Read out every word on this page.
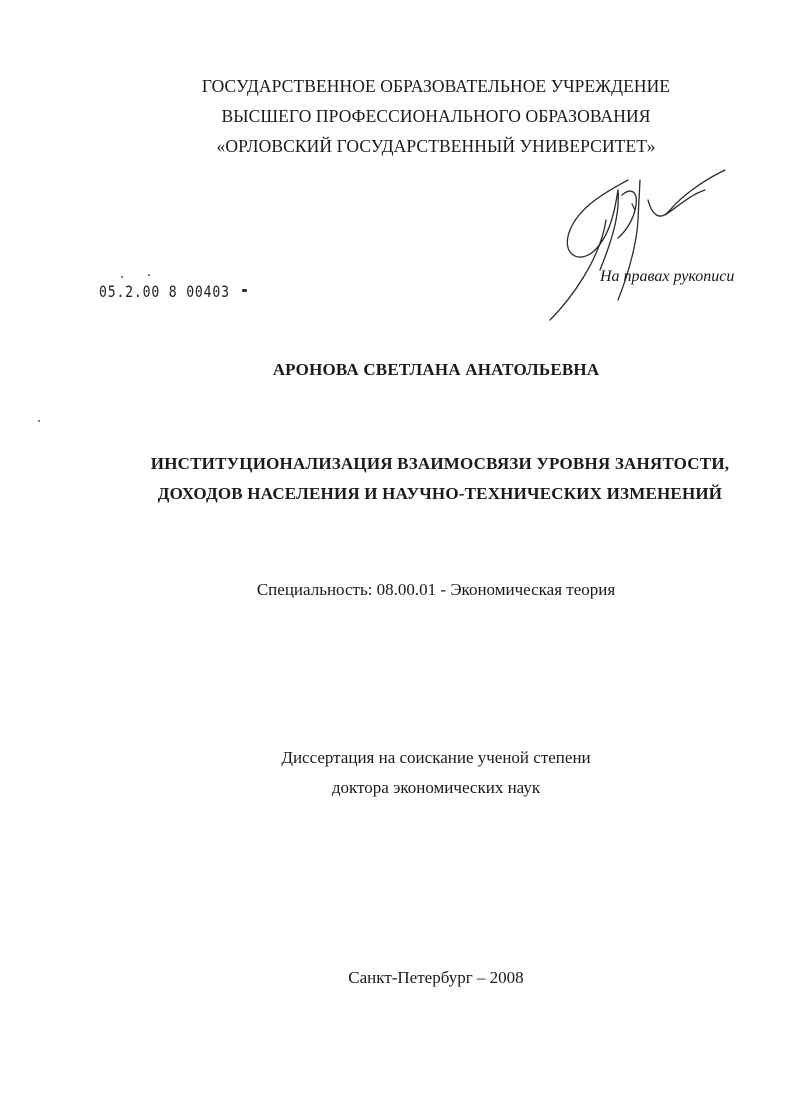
ГОСУДАРСТВЕННОЕ ОБРАЗОВАТЕЛЬНОЕ УЧРЕЖДЕНИЕ
ВЫСШЕГО ПРОФЕССИОНАЛЬНОГО ОБРАЗОВАНИЯ
«ОРЛОВСКИЙ ГОСУДАРСТВЕННЫЙ УНИВЕРСИТЕТ»
На правах рукописи
05.2.00 8 00403
АРОНОВА СВЕТЛАНА АНАТОЛЬЕВНА
ИНСТИТУЦИОНАЛИЗАЦИЯ ВЗАИМОСВЯЗИ УРОВНЯ ЗАНЯТОСТИ,
ДОХОДОВ НАСЕЛЕНИЯ И НАУЧНО-ТЕХНИЧЕСКИХ ИЗМЕНЕНИЙ
Специальность: 08.00.01 - Экономическая теория
Диссертация на соискание ученой степени
доктора экономических наук
Санкт-Петербург – 2008
